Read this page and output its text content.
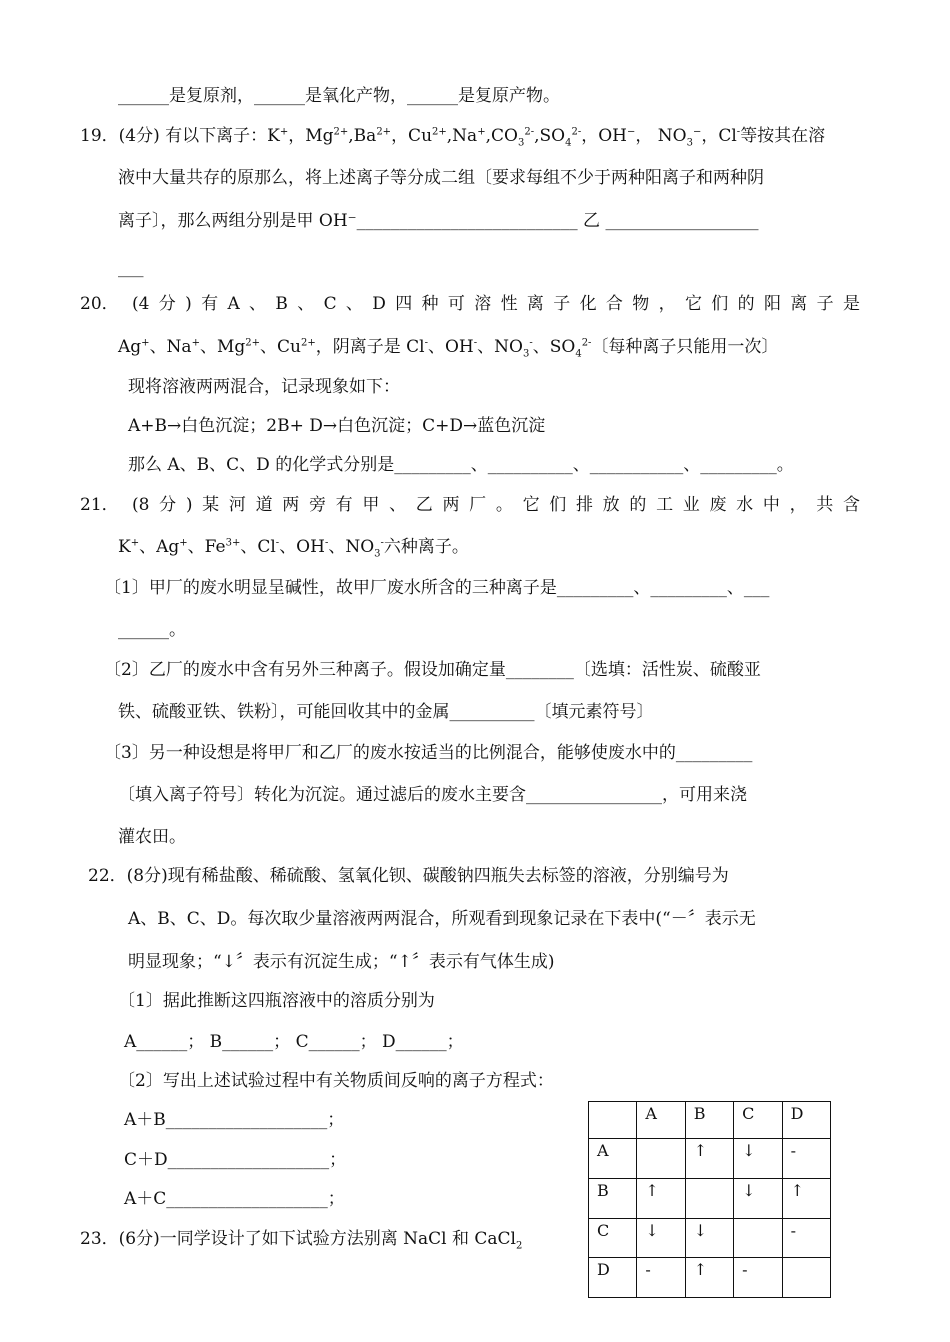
______是复原剂，______是氧化产物，______是复原产物。
19．(4分) 有以下离子：K+，$Mg^{2+},Ba^{2+}$，$Cu^{2+},Na^+,CO_3^{2-},SO_4^{2-}$，OH−， $NO_3^-$，Cl-等按其在溶
液中大量共存的原那么，将上述离子等分成二组〔要求每组不少于两种阳离子和两种阴
离子〕，那么两组分别是甲 OH⁻__________________________ 乙 __________________
___
20． (4分)有A、B、C、D四种可溶性离子化合物，它们的阳离子是
Ag+、Na+、$Mg^{2+}$、$Cu^{2+}$，阴离子是 Cl-、OH-、$NO_3^-$、$SO_4^{2-}$〔每种离子只能用一次〕
现将溶液两两混合，记录现象如下：
A+B→白色沉淀；2B+ D→白色沉淀；C+D→蓝色沉淀
那么 A、B、C、D 的化学式分别是_________、__________、___________、_________。
21． (8分)某河道两旁有甲、乙两厂。它们排放的工业废水中，共含
K+、Ag+、$Fe^{3+}$、Cl-、OH-、$NO_3^-$六种离子。
〔1〕甲厂的废水明显呈碱性，故甲厂废水所含的三种离子是_________、_________、___
______。
〔2〕乙厂的废水中含有另外三种离子。假设加确定量________〔选填：活性炭、硫酸亚
铁、硫酸亚铁、铁粉〕，可能回收其中的金属__________〔填元素符号〕
〔3〕另一种设想是将甲厂和乙厂的废水按适当的比例混合，能够使废水中的_________
〔填入离子符号〕转化为沉淀。通过滤后的废水主要含________________，可用来浇
灌农田。
22．(8分)现有稀盐酸、稀硫酸、氢氧化钡、碳酸钠四瓶失去标签的溶液，分别编号为
A、B、C、D。每次取少量溶液两两混合，所观看到现象记录在下表中(“－〞表示无
明显现象；“↓〞表示有沉淀生成；“↑〞表示有气体生成)
〔1〕据此推断这四瓶溶液中的溶质分别为
A______； B______； C______； D______；
〔2〕写出上述试验过程中有关物质间反响的离子方程式：
A＋B___________________；
C＋D___________________；
A＋C___________________；
23．(6分)一同学设计了如下试验方法别离 NaCl 和 CaCl$_2$
	A	B	C	D
A		↑	↓	-
B	↑		↓	↑
C	↓	↓		-
D	-	↑	-	
